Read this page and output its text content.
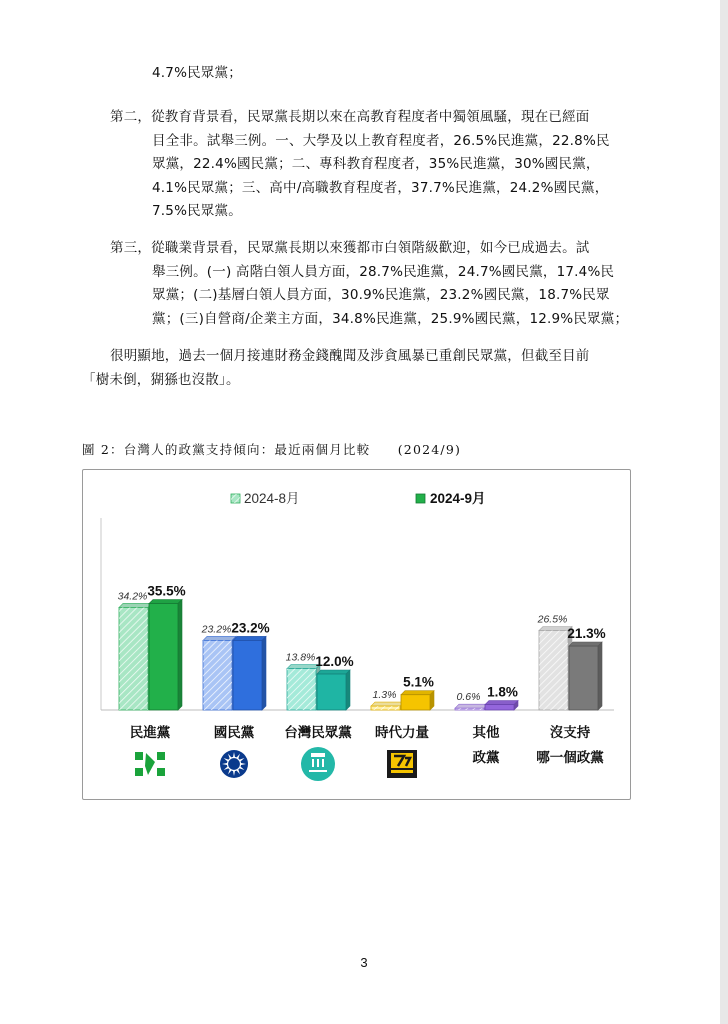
4.7%民眾黨；
第二，從教育背景看，民眾黨長期以來在高教育程度者中獨領風騷，現在已經面
目全非。試舉三例。一、大學及以上教育程度者，26.5%民進黨，22.8%民
眾黨，22.4%國民黨；二、專科教育程度者，35%民進黨，30%國民黨，
4.1%民眾黨；三、高中/高職教育程度者，37.7%民進黨，24.2%國民黨，
7.5%民眾黨。
第三，從職業背景看，民眾黨長期以來獲都市白領階級歡迎，如今已成過去。試
舉三例。(一) 高階白領人員方面，28.7%民進黨，24.7%國民黨，17.4%民
眾黨；(二)基層白領人員方面，30.9%民進黨，23.2%國民黨，18.7%民眾
黨；(三)自營商/企業主方面，34.8%民進黨，25.9%國民黨，12.9%民眾黨；
很明顯地，過去一個月接連財務金錢醜聞及涉貪風暴已重創民眾黨，但截至目前
「樹未倒，猢猻也沒散」。
圖 2：台灣人的政黨支持傾向：最近兩個月比較　　(2024/9)
2024-8月	2024-9月
34.2% 35.5%
民進黨
23.2% 23.2%
國民黨
13.8% 12.0%
台灣民眾黨
1.3%
5.1%
時代力量
0.6% 1.8%
其他
政黨
26.5%
21.3%
沒支持
哪一個政黨
3
